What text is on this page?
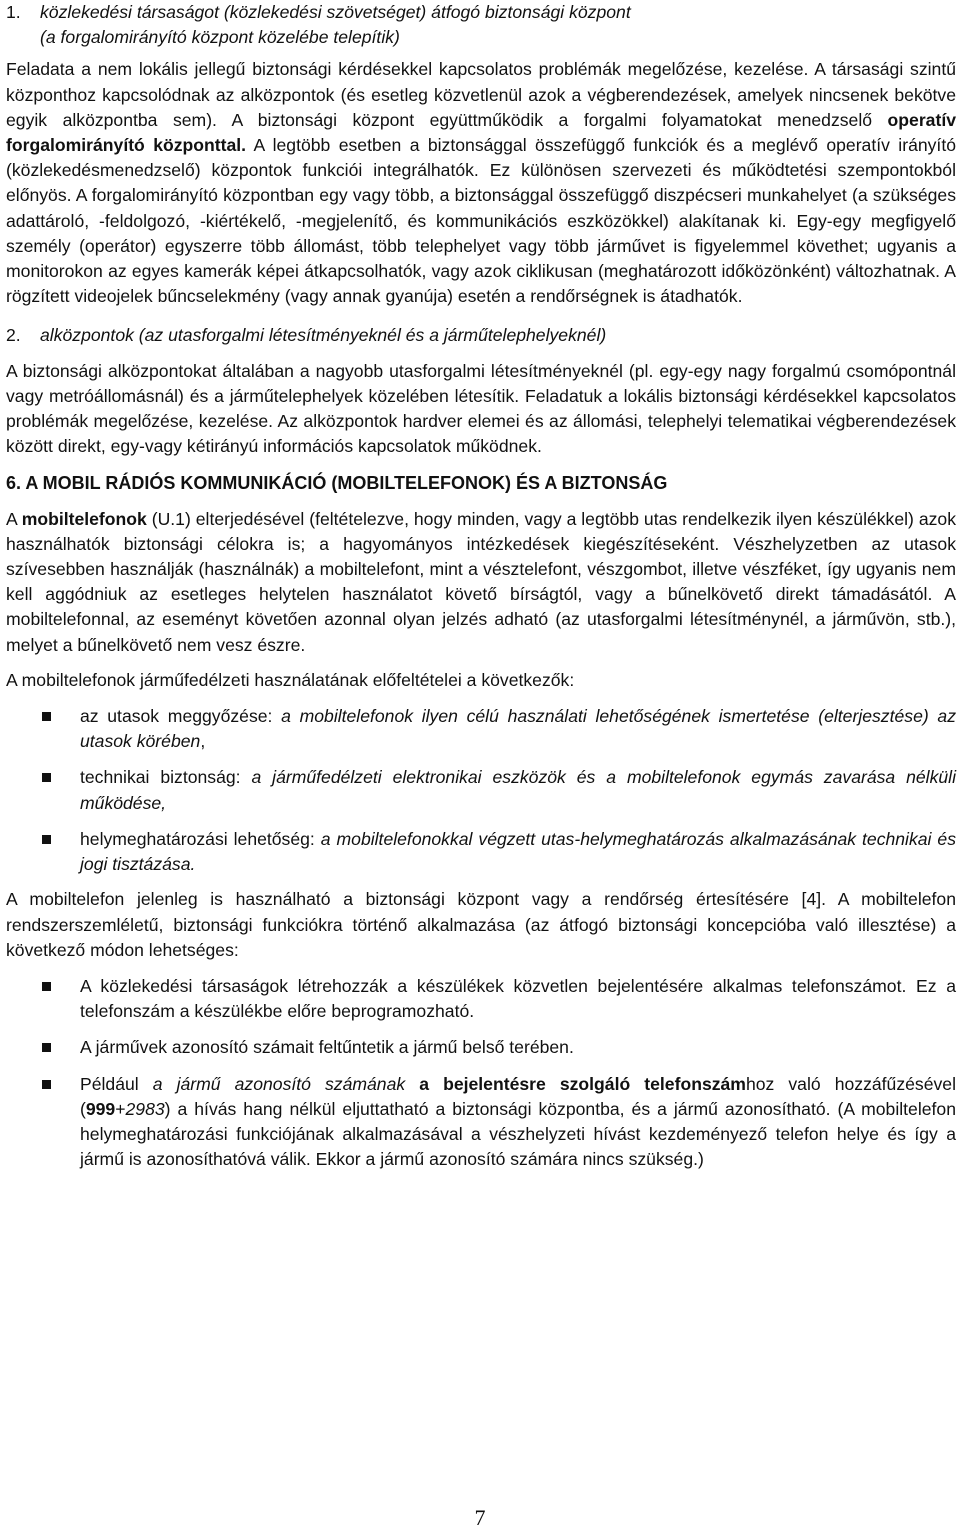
1. közlekedési társaságot (közlekedési szövetséget) átfogó biztonsági központ
(a forgalomirányító központ közelébe telepítik)

Feladata a nem lokális jellegű biztonsági kérdésekkel kapcsolatos problémák megelőzése, kezelése. A társasági szintű központhoz kapcsolódnak az alközpontok (és esetleg közvetlenül azok a végberendezések, amelyek nincsenek bekötve egyik alközpontba sem). A biztonsági központ együttműködik a forgalmi folyamatokat menedzselő operatív forgalomirányító központtal. A legtöbb esetben a biztonsággal összefüggő funkciók és a meglévő operatív irányító (közlekedésmenedzselő) központok funkciói integrálhatók. Ez különösen szervezeti és működtetési szempontokból előnyös. A forgalomirányító központban egy vagy több, a biztonsággal összefüggő diszpécseri munkahelyet (a szükséges adattároló, -feldolgozó, -kiértékelő, -megjelenítő, és kommunikációs eszközökkel) alakítanak ki. Egy-egy megfigyelő személy (operátor) egyszerre több állomást, több telephelyet vagy több járművet is figyelemmel követhet; ugyanis a monitorokon az egyes kamerák képei átkapcsolhatók, vagy azok ciklikusan (meghatározott időközönként) változhatnak. A rögzített videojelek bűncselekmény (vagy annak gyanúja) esetén a rendőrségnek is átadhatók.

2. alközpontok (az utasforgalmi létesítményeknél és a járműtelephelyeknél)

A biztonsági alközpontokat általában a nagyobb utasforgalmi létesítményeknél (pl. egy-egy nagy forgalmú csomópontnál vagy metróállomásnál) és a járműtelephelyek közelében létesítik. Feladatuk a lokális biztonsági kérdésekkel kapcsolatos problémák megelőzése, kezelése. Az alközpontok hardver elemei és az állomási, telephelyi telematikai végberendezések között direkt, egy-vagy kétirányú információs kapcsolatok működnek.

6. A MOBIL RÁDIÓS KOMMUNIKÁCIÓ (MOBILTELEFONOK) ÉS A BIZTONSÁG

A mobiltelefonok (U.1) elterjedésével (feltételezve, hogy minden, vagy a legtöbb utas rendelkezik ilyen készülékkel) azok használhatók biztonsági célokra is; a hagyományos intézkedések kiegészítéseként. Vészhelyzetben az utasok szívesebben használják (használnák) a mobiltelefont, mint a vésztelefont, vészgombot, illetve vészféket, így ugyanis nem kell aggódniuk az esetleges helytelen használatot követő bírságtól, vagy a bűnelkövető direkt támadásától. A mobiltelefonnal, az eseményt követően azonnal olyan jelzés adható (az utasforgalmi létesítménynél, a járművön, stb.), melyet a bűnelkövető nem vesz észre.

A mobiltelefonok járműfedélzeti használatának előfeltételei a következők:

az utasok meggyőzése: a mobiltelefonok ilyen célú használati lehetőségének ismertetése (elterjesztése) az utasok körében,
technikai biztonság: a járműfedélzeti elektronikai eszközök és a mobiltelefonok egymás zavarása nélküli működése,
helymeghatározási lehetőség: a mobiltelefonokkal végzett utas-helymeghatározás alkalmazásának technikai és jogi tisztázása.

A mobiltelefon jelenleg is használható a biztonsági központ vagy a rendőrség értesítésére [4]. A mobiltelefon rendszerszemléletű, biztonsági funkciókra történő alkalmazása (az átfogó biztonsági koncepcióba való illesztése) a következő módon lehetséges:

A közlekedési társaságok létrehozzák a készülékek közvetlen bejelentésére alkalmas telefonszámot. Ez a telefonszám a készülékbe előre beprogramozható.
A járművek azonosító számait feltűntetik a jármű belső terében.
Például a jármű azonosító számának a bejelentésre szolgáló telefonszámhoz való hozzáfűzésével (999+2983) a hívás hang nélkül eljuttatható a biztonsági központba, és a jármű azonosítható. (A mobiltelefon helymeghatározási funkciójának alkalmazásával a vészhelyzeti hívást kezdeményező telefon helye és így a jármű is azonosíthatóvá válik. Ekkor a jármű azonosító számára nincs szükség.)
7
